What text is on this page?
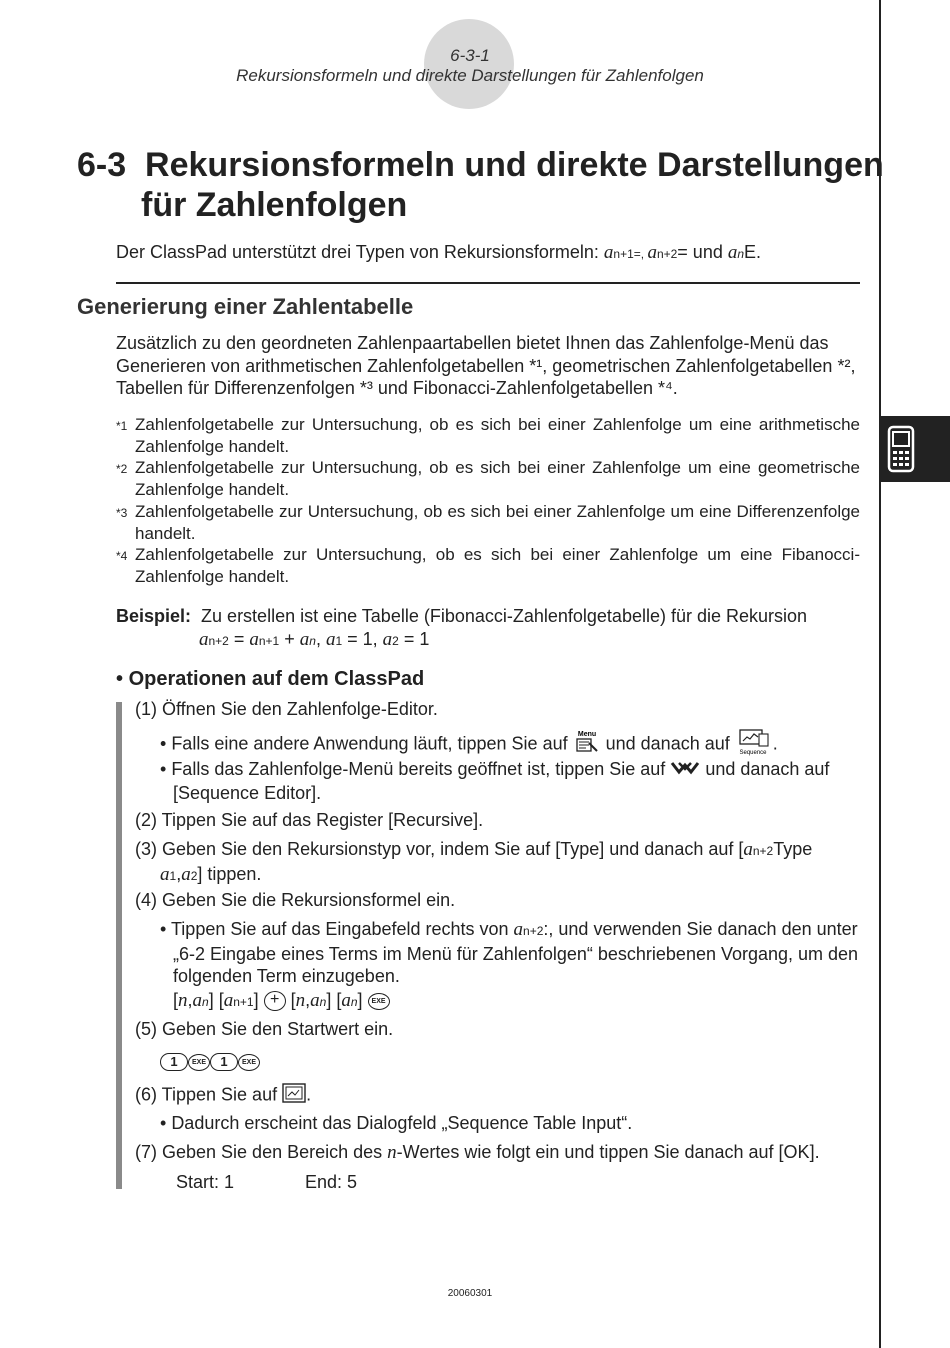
6-3-1
Rekursionsformeln und direkte Darstellungen für Zahlenfolgen
6-3 Rekursionsformeln und direkte Darstellungen
für Zahlenfolgen
Der ClassPad unterstützt drei Typen von Rekursionsformeln: an+1=, an+2= und anE.
Generierung einer Zahlentabelle
Zusätzlich zu den geordneten Zahlenpaartabellen bietet Ihnen das Zahlenfolge-Menü das
Generieren von arithmetischen Zahlenfolgetabellen *¹, geometrischen Zahlenfolgetabellen *²,
Tabellen für Differenzenfolgen *³ und Fibonacci-Zahlenfolgetabellen *⁴.
*1 Zahlenfolgetabelle zur Untersuchung, ob es sich bei einer Zahlenfolge um eine arithmetische Zahlenfolge handelt.
*2 Zahlenfolgetabelle zur Untersuchung, ob es sich bei einer Zahlenfolge um eine geometrische Zahlenfolge handelt.
*3 Zahlenfolgetabelle zur Untersuchung, ob es sich bei einer Zahlenfolge um eine Differenzenfolge handelt.
*4 Zahlenfolgetabelle zur Untersuchung, ob es sich bei einer Zahlenfolge um eine Fibanocci-Zahlenfolge handelt.
Beispiel: Zu erstellen ist eine Tabelle (Fibonacci-Zahlenfolgetabelle) für die Rekursion
an+2 = an+1 + an, a1 = 1, a2 = 1
• Operationen auf dem ClassPad
(1) Öffnen Sie den Zahlenfolge-Editor.
• Falls eine andere Anwendung läuft, tippen Sie auf Menu und danach auf Sequence .
• Falls das Zahlenfolge-Menü bereits geöffnet ist, tippen Sie auf und danach auf
[Sequence Editor].
(2) Tippen Sie auf das Register [Recursive].
(3) Geben Sie den Rekursionstyp vor, indem Sie auf [Type] und danach auf [an+2Type
a1,a2] tippen.
(4) Geben Sie die Rekursionsformel ein.
• Tippen Sie auf das Eingabefeld rechts von an+2:, und verwenden Sie danach den unter
„6-2 Eingabe eines Terms im Menü für Zahlenfolgen“ beschriebenen Vorgang, um den
folgenden Term einzugeben.
[n,an] [an+1] + [n,an] [an] EXE
(5) Geben Sie den Startwert ein.
1 EXE 1 EXE
(6) Tippen Sie auf .
• Dadurch erscheint das Dialogfeld „Sequence Table Input“.
(7) Geben Sie den Bereich des n-Wertes wie folgt ein und tippen Sie danach auf [OK].
Start: 1	End: 5
20060301
